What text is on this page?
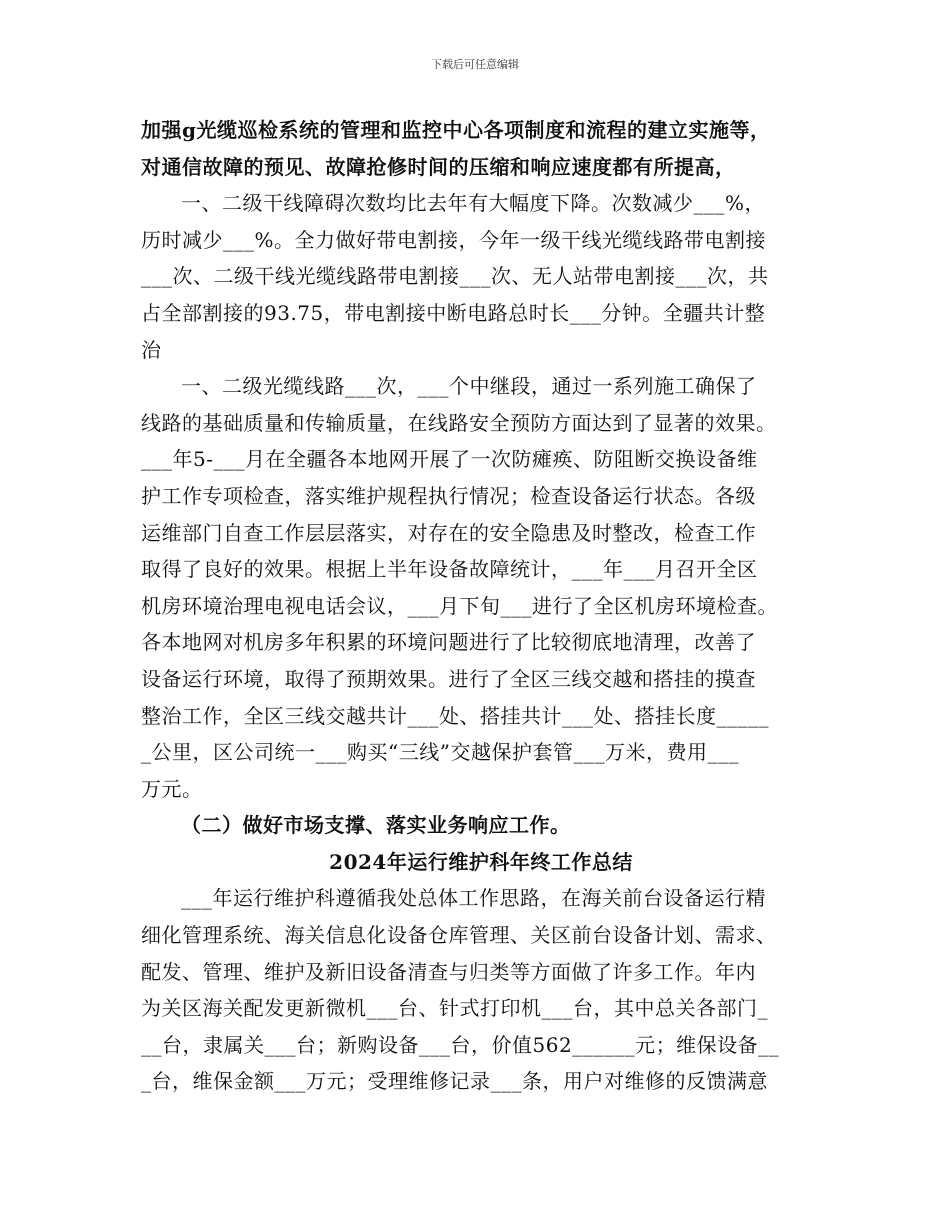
下载后可任意编辑
加强g光缆巡检系统的管理和监控中心各项制度和流程的建立实施等，
对通信故障的预见、故障抢修时间的压缩和响应速度都有所提高，
一、二级干线障碍次数均比去年有大幅度下降。次数减少___%，
历时减少___%。全力做好带电割接，今年一级干线光缆线路带电割接
___次、二级干线光缆线路带电割接___次、无人站带电割接___次，共
占全部割接的93.75，带电割接中断电路总时长___分钟。全疆共计整
治
一、二级光缆线路___次，___个中继段，通过一系列施工确保了
线路的基础质量和传输质量，在线路安全预防方面达到了显著的效果。
___年5-___月在全疆各本地网开展了一次防瘫痪、防阻断交换设备维
护工作专项检查，落实维护规程执行情况；检查设备运行状态。各级
运维部门自查工作层层落实，对存在的安全隐患及时整改，检查工作
取得了良好的效果。根据上半年设备故障统计，___年___月召开全区
机房环境治理电视电话会议，___月下旬___进行了全区机房环境检查。
各本地网对机房多年积累的环境问题进行了比较彻底地清理，改善了
设备运行环境，取得了预期效果。进行了全区三线交越和搭挂的摸查
整治工作，全区三线交越共计___处、搭挂共计___处、搭挂长度_____
_公里，区公司统一___购买“三线”交越保护套管___万米，费用___
万元。
（二）做好市场支撑、落实业务响应工作。
2024年运行维护科年终工作总结
___年运行维护科遵循我处总体工作思路，在海关前台设备运行精
细化管理系统、海关信息化设备仓库管理、关区前台设备计划、需求、
配发、管理、维护及新旧设备清查与归类等方面做了许多工作。年内
为关区海关配发更新微机___台、针式打印机___台，其中总关各部门_
__台，隶属关___台；新购设备___台，价值562______元；维保设备__
_台，维保金额___万元；受理维修记录___条，用户对维修的反馈满意
